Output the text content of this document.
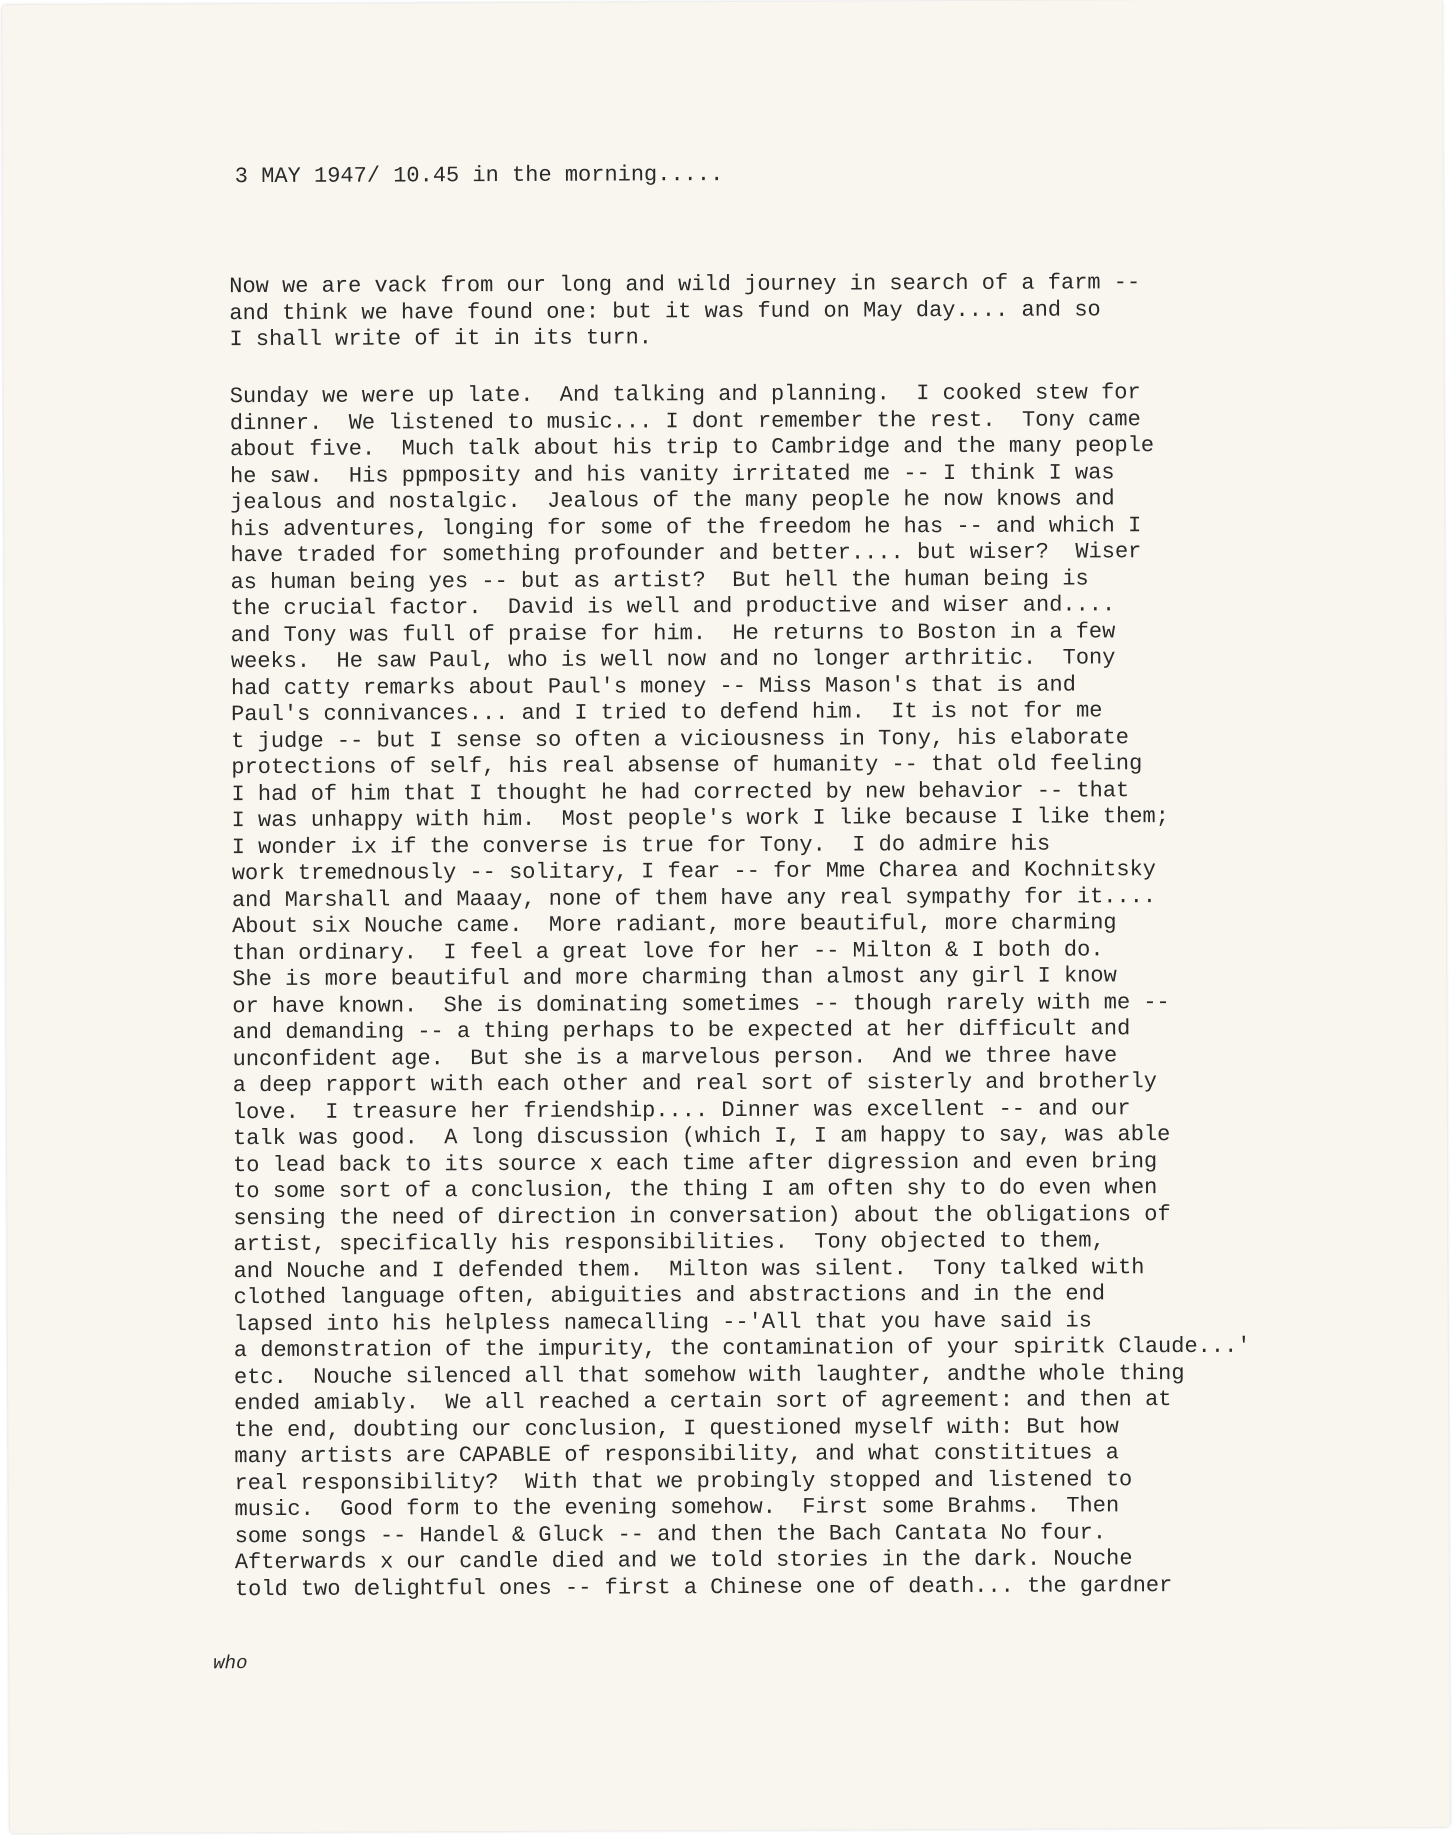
3 MAY 1947/ 10.45 in the morning.....
Now we are vack from our long and wild journey in search of a farm --
and think we have found one: but it was fund on May day.... and so
I shall write of it in its turn.
Sunday we were up late.  And talking and planning.  I cooked stew for
dinner.  We listened to music... I dont remember the rest.  Tony came
about five.  Much talk about his trip to Cambridge and the many people
he saw.  His ppmposity and his vanity irritated me -- I think I was
jealous and nostalgic.  Jealous of the many people he now knows and
his adventures, longing for some of the freedom he has -- and which I
have traded for something profounder and better.... but wiser?  Wiser
as human being yes -- but as artist?  But hell the human being is
the crucial factor.  David is well and productive and wiser and....
and Tony was full of praise for him.  He returns to Boston in a few
weeks.  He saw Paul, who is well now and no longer arthritic.  Tony
had catty remarks about Paul's money -- Miss Mason's that is and
Paul's connivances... and I tried to defend him.  It is not for me
t judge -- but I sense so often a viciousness in Tony, his elaborate
protections of self, his real absense of humanity -- that old feeling
I had of him that I thought he had corrected by new behavior -- that
I was unhappy with him.  Most people's work I like because I like them;
I wonder ix if the converse is true for Tony.  I do admire his
work tremednously -- solitary, I fear -- for Mme Charea and Kochnitsky
and Marshall and Maaay, none of them have any real sympathy for it....
About six Nouche came.  More radiant, more beautiful, more charming
than ordinary.  I feel a great love for her -- Milton & I both do.
She is more beautiful and more charming than almost any girl I know
or have known.  She is dominating sometimes -- though rarely with me --
and demanding -- a thing perhaps to be expected at her difficult and
unconfident age.  But she is a marvelous person.  And we three have
a deep rapport with each other and real sort of sisterly and brotherly
love.  I treasure her friendship.... Dinner was excellent -- and our
talk was good.  A long discussion (which I, I am happy to say, was able
to lead back to its source x each time after digression and even bring
to some sort of a conclusion, the thing I am often shy to do even when
sensing the need of direction in conversation) about the obligations of
artist, specifically his responsibilities.  Tony objected to them,
and Nouche and I defended them.  Milton was silent.  Tony talked with
clothed language often, abiguities and abstractions and in the end
lapsed into his helpless namecalling --'All that you have said is
a demonstration of the impurity, the contamination of your spiritk Claude...'
etc.  Nouche silenced all that somehow with laughter, andthe whole thing
ended amiably.  We all reached a certain sort of agreement: and then at
the end, doubting our conclusion, I questioned myself with: But how
many artists are CAPABLE of responsibility, and what constititues a
real responsibility?  With that we probingly stopped and listened to
music.  Good form to the evening somehow.  First some Brahms.  Then
some songs -- Handel & Gluck -- and then the Bach Cantata No four.
Afterwards x our candle died and we told stories in the dark. Nouche
told two delightful ones -- first a Chinese one of death... the gardner
who
